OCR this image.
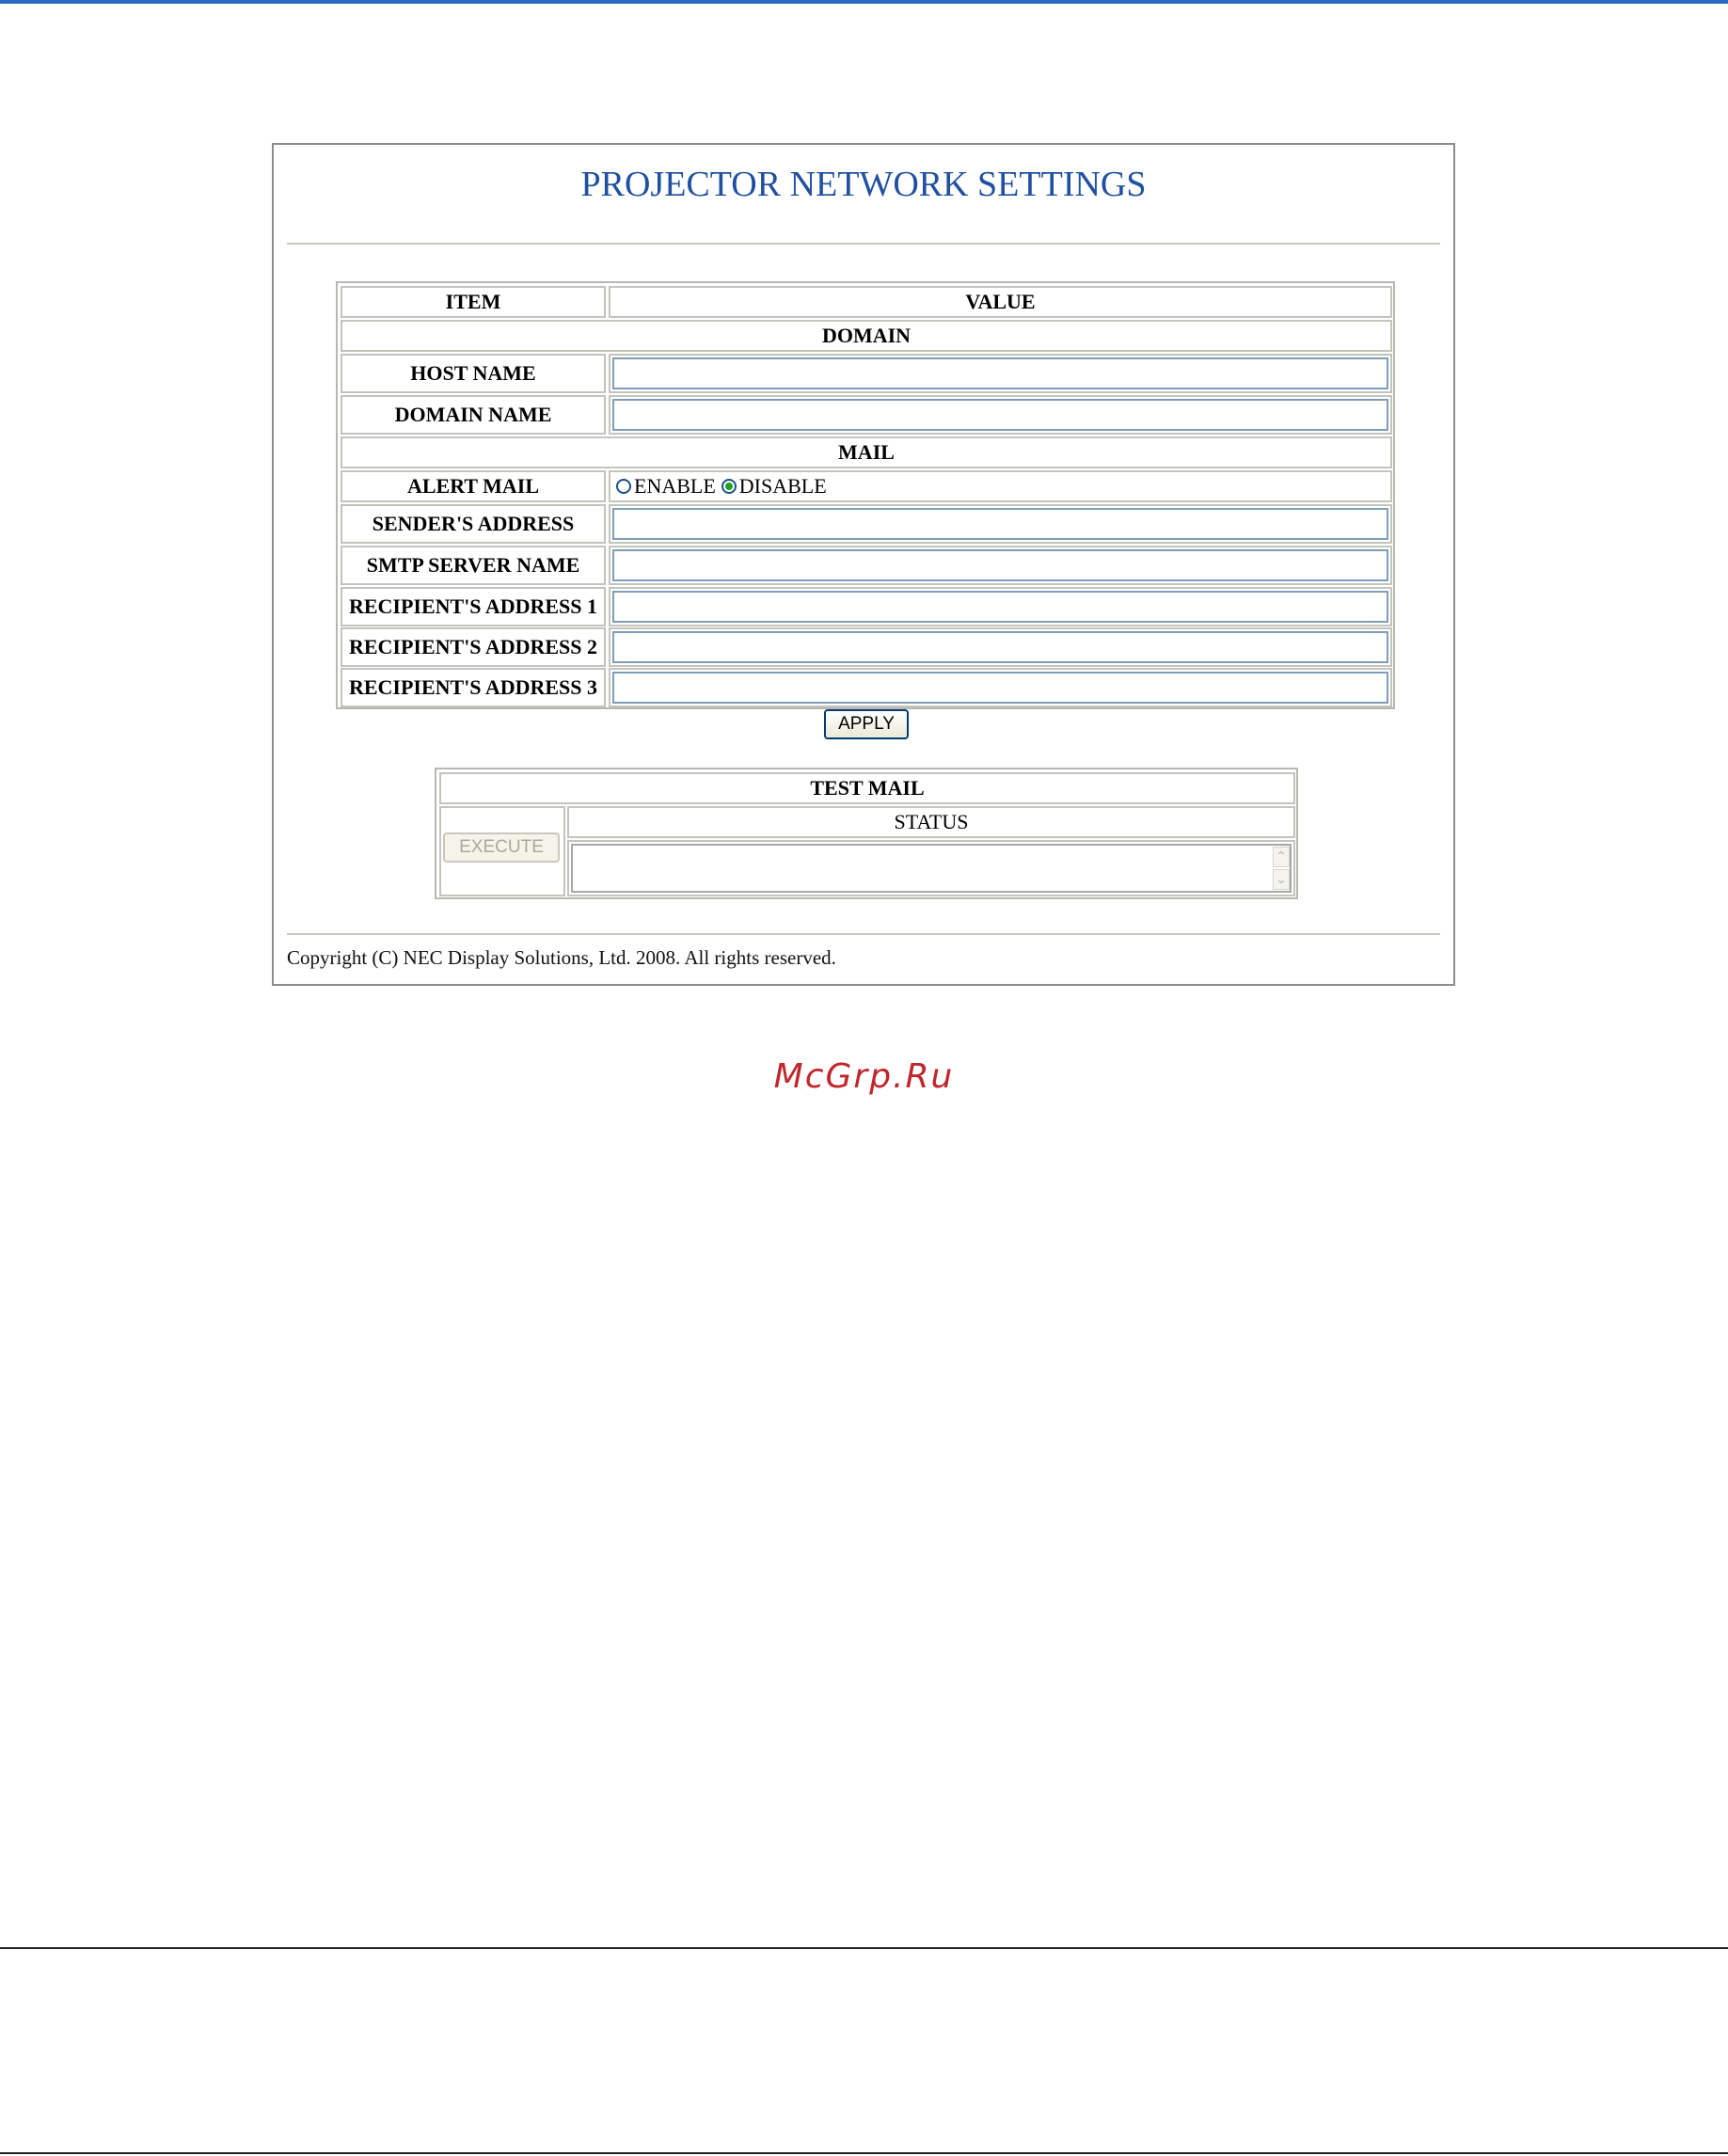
PROJECTOR NETWORK SETTINGS
ITEM	VALUE
DOMAIN
HOST NAME
DOMAIN NAME
MAIL
ALERT MAIL	ENABLE DISABLE
SENDER'S ADDRESS
SMTP SERVER NAME
RECIPIENT'S ADDRESS 1
RECIPIENT'S ADDRESS 2
RECIPIENT'S ADDRESS 3
APPLY
TEST MAIL
EXECUTE
STATUS
⌃
⌄
Copyright (C) NEC Display Solutions, Ltd. 2008. All rights reserved.
McGrp.Ru
